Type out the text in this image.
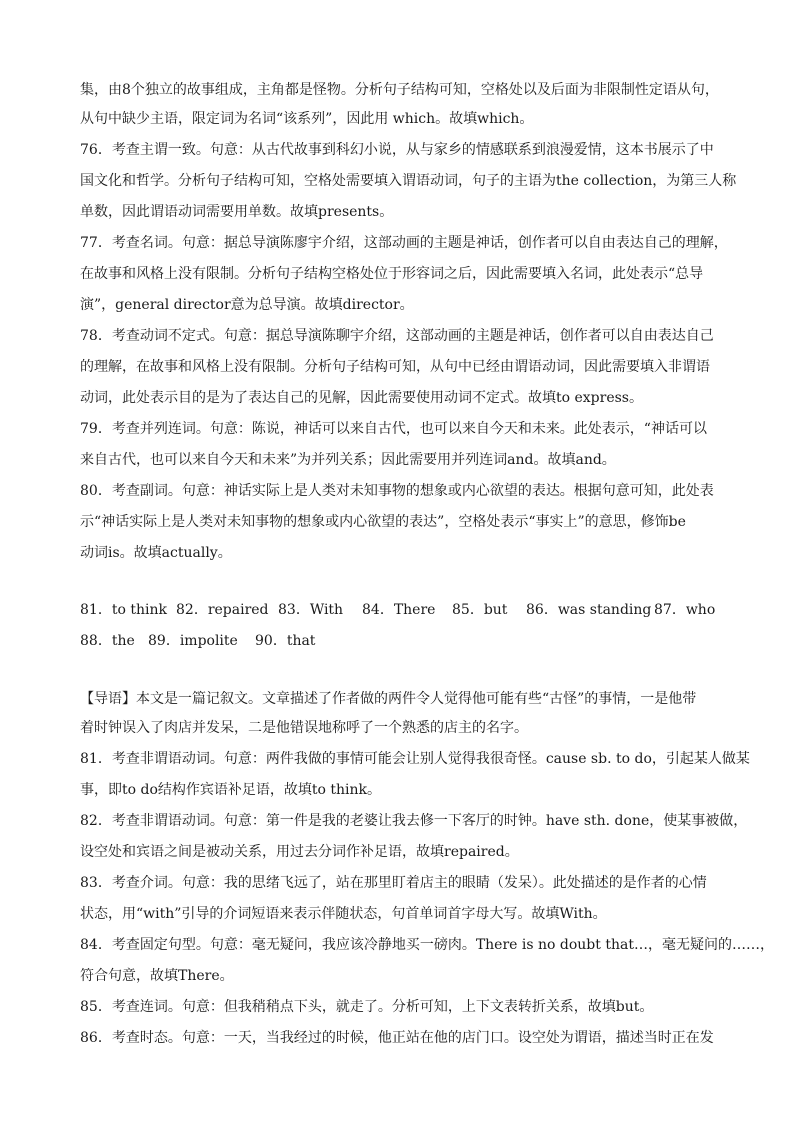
集，由8个独立的故事组成，主角都是怪物。分析句子结构可知，空格处以及后面为非限制性定语从句，
从句中缺少主语，限定词为名词“该系列”，因此用 which。故填which。
76．考查主谓一致。句意：从古代故事到科幻小说，从与家乡的情感联系到浪漫爱情，这本书展示了中
国文化和哲学。分析句子结构可知，空格处需要填入谓语动词，句子的主语为the collection，为第三人称
单数，因此谓语动词需要用单数。故填presents。
77．考查名词。句意：据总导演陈廖宇介绍，这部动画的主题是神话，创作者可以自由表达自己的理解，
在故事和风格上没有限制。分析句子结构空格处位于形容词之后，因此需要填入名词，此处表示“总导
演”，general director意为总导演。故填director。
78．考查动词不定式。句意：据总导演陈聊宇介绍，这部动画的主题是神话，创作者可以自由表达自己
的理解，在故事和风格上没有限制。分析句子结构可知，从句中已经由谓语动词，因此需要填入非谓语
动词，此处表示目的是为了表达自己的见解，因此需要使用动词不定式。故填to express。
79．考查并列连词。句意：陈说，神话可以来自古代，也可以来自今天和未来。此处表示，“神话可以
来自古代，也可以来自今天和未来”为并列关系；因此需要用并列连词and。故填and。
80．考查副词。句意：神话实际上是人类对未知事物的想象或内心欲望的表达。根据句意可知，此处表
示“神话实际上是人类对未知事物的想象或内心欲望的表达”，空格处表示“事实上”的意思，修饰be
动词is。故填actually。
81．to think 82．repaired 83．With 84．There 85．but 86．was standing 87．who
88．the 89．impolite 90．that
【导语】本文是一篇记叙文。文章描述了作者做的两件令人觉得他可能有些“古怪”的事情，一是他带
着时钟误入了肉店并发呆，二是他错误地称呼了一个熟悉的店主的名字。
81．考查非谓语动词。句意：两件我做的事情可能会让别人觉得我很奇怪。cause sb. to do，引起某人做某
事，即to do结构作宾语补足语，故填to think。
82．考查非谓语动词。句意：第一件是我的老婆让我去修一下客厅的时钟。have sth. done，使某事被做，
设空处和宾语之间是被动关系，用过去分词作补足语，故填repaired。
83．考查介词。句意：我的思绪飞远了，站在那里盯着店主的眼睛（发呆）。此处描述的是作者的心情
状态，用“with”引导的介词短语来表示伴随状态，句首单词首字母大写。故填With。
84．考查固定句型。句意：毫无疑问，我应该冷静地买一磅肉。There is no doubt that…，毫无疑问的……，
符合句意，故填There。
85．考查连词。句意：但我稍稍点下头，就走了。分析可知，上下文表转折关系，故填but。
86．考查时态。句意：一天，当我经过的时候，他正站在他的店门口。设空处为谓语，描述当时正在发
